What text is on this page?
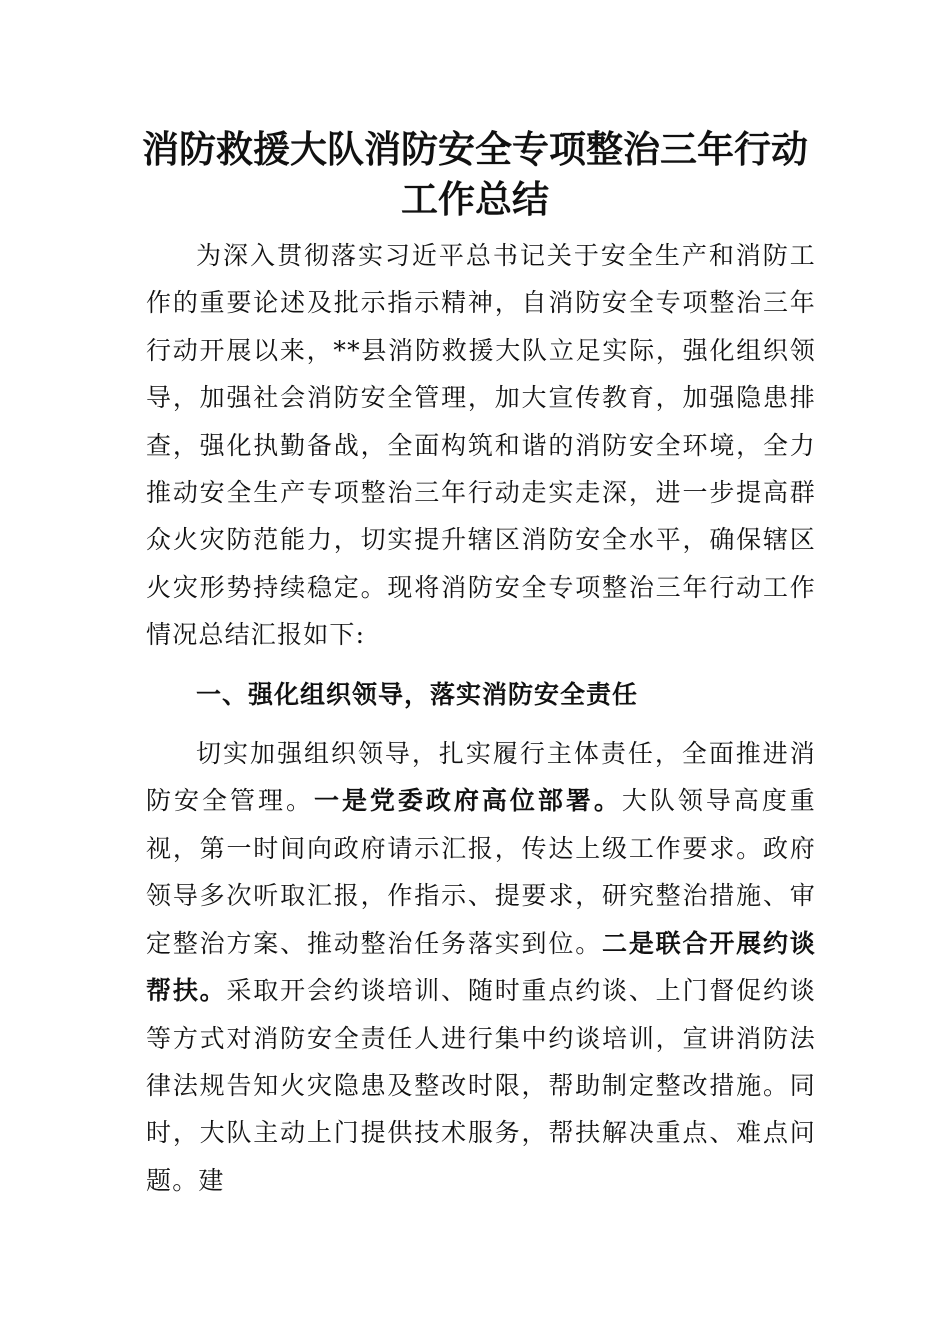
消防救援大队消防安全专项整治三年行动
工作总结

为深入贯彻落实习近平总书记关于安全生产和消防工作的重要论述及批示指示精神，自消防安全专项整治三年行动开展以来，**县消防救援大队立足实际，强化组织领导，加强社会消防安全管理，加大宣传教育，加强隐患排查，强化执勤备战，全面构筑和谐的消防安全环境，全力推动安全生产专项整治三年行动走实走深，进一步提高群众火灾防范能力，切实提升辖区消防安全水平，确保辖区火灾形势持续稳定。现将消防安全专项整治三年行动工作情况总结汇报如下:

一、强化组织领导，落实消防安全责任

切实加强组织领导，扎实履行主体责任，全面推进消防安全管理。一是党委政府高位部署。大队领导高度重视，第一时间向政府请示汇报，传达上级工作要求。政府领导多次听取汇报，作指示、提要求，研究整治措施、审定整治方案、推动整治任务落实到位。二是联合开展约谈帮扶。采取开会约谈培训、随时重点约谈、上门督促约谈等方式对消防安全责任人进行集中约谈培训，宣讲消防法律法规告知火灾隐患及整改时限，帮助制定整改措施。同时，大队主动上门提供技术服务，帮扶解决重点、难点问题。建
